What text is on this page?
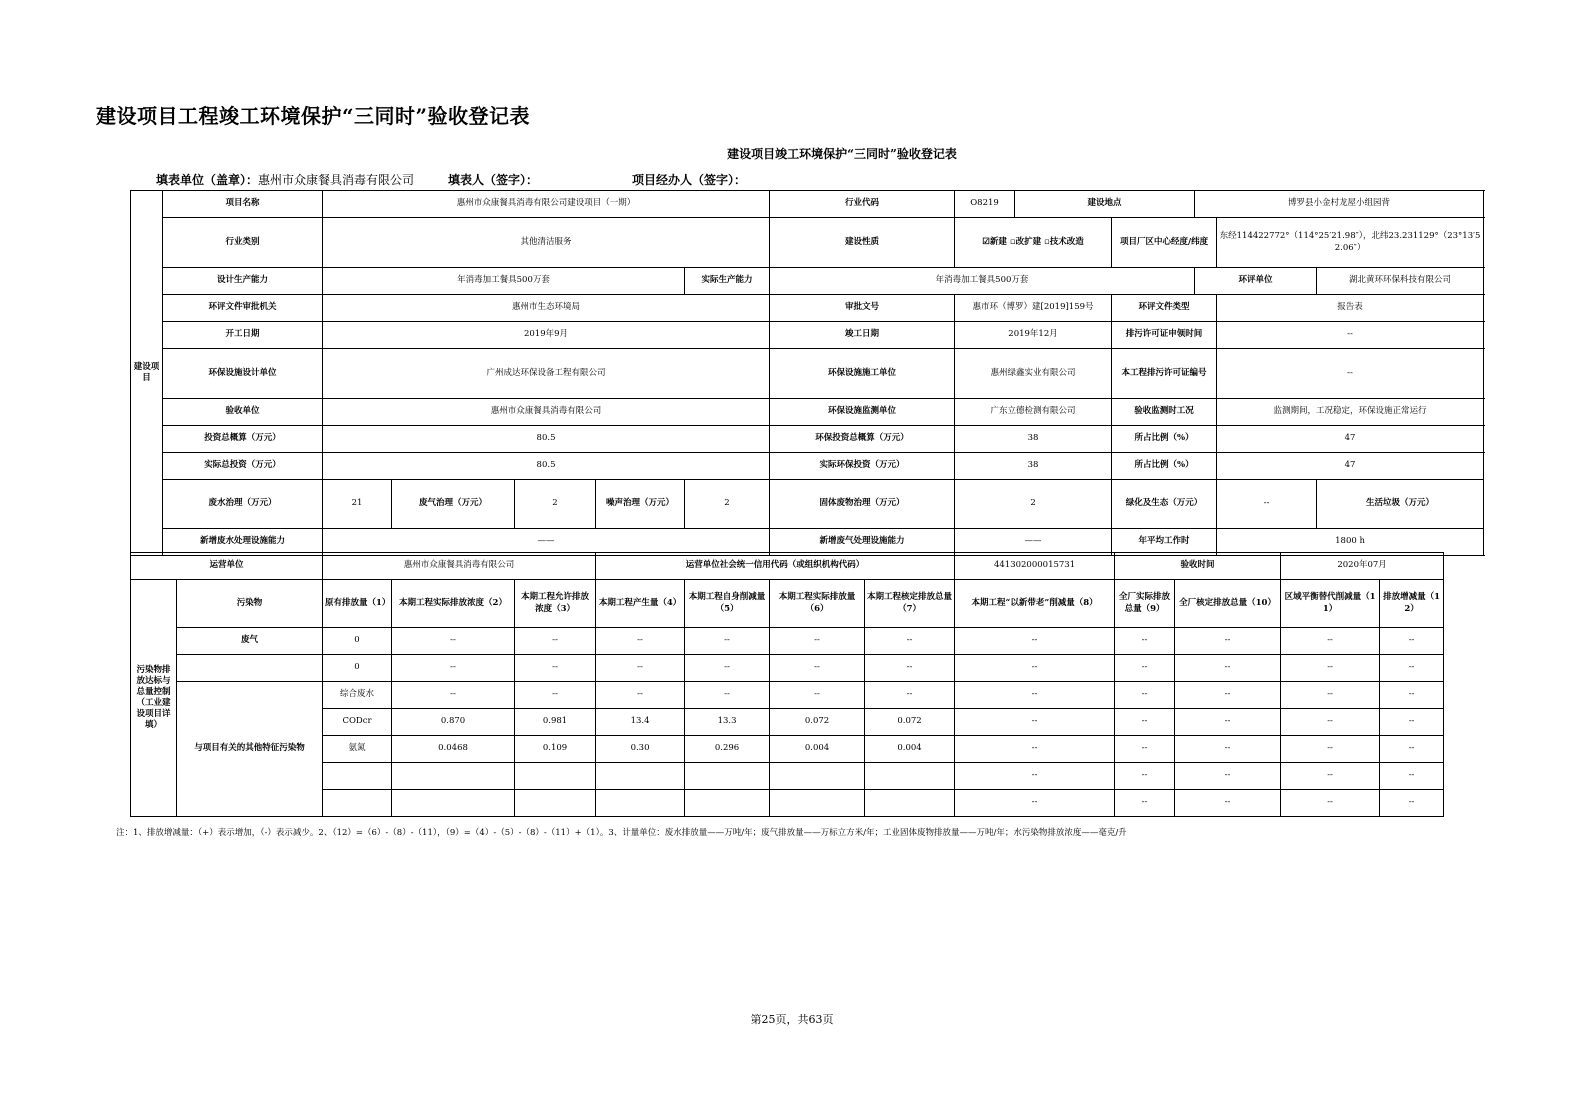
建设项目工程竣工环境保护“三同时”验收登记表
建设项目竣工环境保护“三同时”验收登记表
填表单位（盖章）：惠州市众康餐具消毒有限公司	填表人（签字）：	项目经办人（签字）：
建设项目	项目名称	惠州市众康餐具消毒有限公司建设项目（一期）					行业代码	O8219	建设地点		博罗县小金村龙屋小组园背			
	行业类别	其他清洁服务					建设性质	☑新建 ▫改扩建 ▫技术改造		项目厂区中心经度/纬度		东经114422772°（114°25′21.98″），北纬23.231129°（23°13′52.06″）		
	设计生产能力	年消毒加工餐具500万套				实际生产能力	年消毒加工餐具500万套				环评单位		湖北黄环环保科技有限公司	
	环评文件审批机关	惠州市生态环境局					审批文号	惠市环（博罗）建[2019]159号		环评文件类型		报告表		
	开工日期	2019年9月					竣工日期	2019年12月		排污许可证申领时间		--		
	环保设施设计单位	广州成达环保设备工程有限公司					环保设施施工单位	惠州绿鑫实业有限公司		本工程排污许可证编号		--		
	验收单位	惠州市众康餐具消毒有限公司					环保设施监测单位	广东立德检测有限公司		验收监测时工况		监测期间，工况稳定，环保设施正常运行		
	投资总概算（万元）	80.5					环保投资总概算（万元）	38		所占比例（%）		47		
	实际总投资（万元）	80.5					实际环保投资（万元）	38		所占比例（%）		47		
	废水治理（万元）	21	废气治理（万元）	2	噪声治理（万元）	2	固体废物治理（万元）	2		绿化及生态（万元）		--	生活垃圾（万元）	
	新增废水处理设施能力	——					新增废气处理设施能力	——		年平均工作时		1800 h		
运营单位		惠州市众康餐具消毒有限公司			运营单位社会统一信用代码（或组织机构代码）				441302000015731	验收时间		2020年07月	
污染物排放达标与总量控制（工业建设项目详填）	污染物	原有排放量（1）	本期工程实际排放浓度（2）	本期工程允许排放浓度（3）	本期工程产生量（4）	本期工程自身削减量（5）	本期工程实际排放量（6）	本期工程核定排放总量（7）	本期工程“以新带老”削减量（8）	全厂实际排放总量（9）	全厂核定排放总量（10）	区域平衡替代削减量（11）	排放增减量（12）
	废气	0	--	--	--	--	--	--	--	--	--	--	--
		0	--	--	--	--	--	--	--	--	--	--	--
	与项目有关的其他特征污染物	综合废水	--	--	--	--	--	--	--	--	--	--	--
		CODcr	0.870	0.981	13.4	13.3	0.072	0.072	--	--	--	--	--
		氨氮	0.0468	0.109	0.30	0.296	0.004	0.004	--	--	--	--	--
									--	--	--	--	--
									--	--	--	--	--
注：1、排放增减量：（+）表示增加，（-）表示减少。2、（12）=（6）-（8）-（11），（9）=（4）-（5）-（8）-（11）+（1）。3、计量单位：废水排放量——万吨/年；废气排放量——万标立方米/年；工业固体废物排放量——万吨/年；水污染物排放浓度——毫克/升
第25页，共63页
